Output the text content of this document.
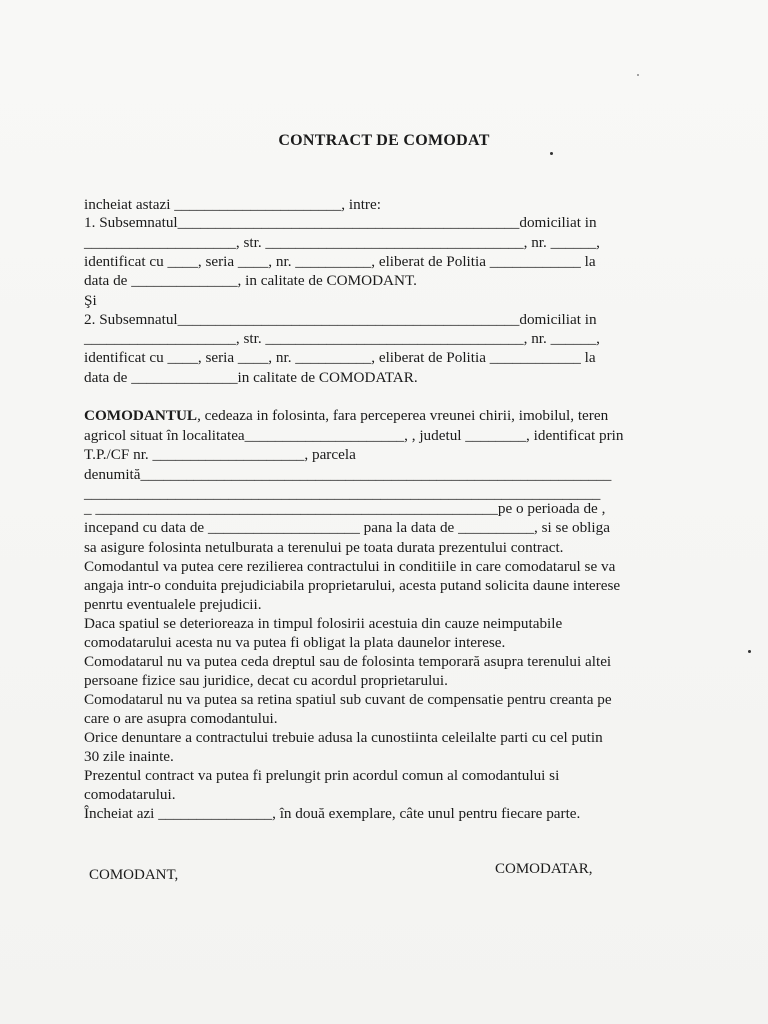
CONTRACT DE COMODAT
incheiat astazi ______________________, intre:
1. Subsemnatul_____________________________________________domiciliat in
____________________, str. __________________________________, nr. ______,
identificat cu ____, seria ____, nr. __________, eliberat de Politia ____________ la
data de ______________, in calitate de COMODANT.
Şi
2. Subsemnatul_____________________________________________domiciliat in
____________________, str. __________________________________, nr. ______,
identificat cu ____, seria ____, nr. __________, eliberat de Politia ____________ la
data de ______________in calitate de COMODATAR.
COMODANTUL, cedeaza in folosinta, fara perceperea vreunei chirii, imobilul, teren
agricol situat în localitatea_____________________, , judetul ________, identificat prin
T.P./CF nr. ____________________, parcela
denumită______________________________________________________________
____________________________________________________________________
_ _____________________________________________________pe o perioada de ,
incepand cu data de ____________________ pana la data de __________, si se obliga
sa asigure folosinta netulburata a terenului pe toata durata prezentului contract.
Comodantul va putea cere rezilierea contractului in conditiile in care comodatarul se va
angaja intr-o conduita prejudiciabila proprietarului, acesta putand solicita daune interese
penrtu eventualele prejudicii.
Daca spatiul se deterioreaza in timpul folosirii acestuia din cauze neimputabile
comodatarului acesta nu va putea fi obligat la plata daunelor interese.
Comodatarul nu va putea ceda dreptul sau de folosinta temporară asupra terenului altei
persoane fizice sau juridice, decat cu acordul proprietarului.
Comodatarul nu va putea sa retina spatiul sub cuvant de compensatie pentru creanta pe
care o are asupra comodantului.
Orice denuntare a contractului trebuie adusa la cunostiinta celeilalte parti cu cel putin
30 zile inainte.
Prezentul contract va putea fi prelungit prin acordul comun al comodantului si
comodatarului.
Încheiat azi _______________, în două exemplare, câte unul pentru fiecare parte.
COMODANT,	COMODATAR,
